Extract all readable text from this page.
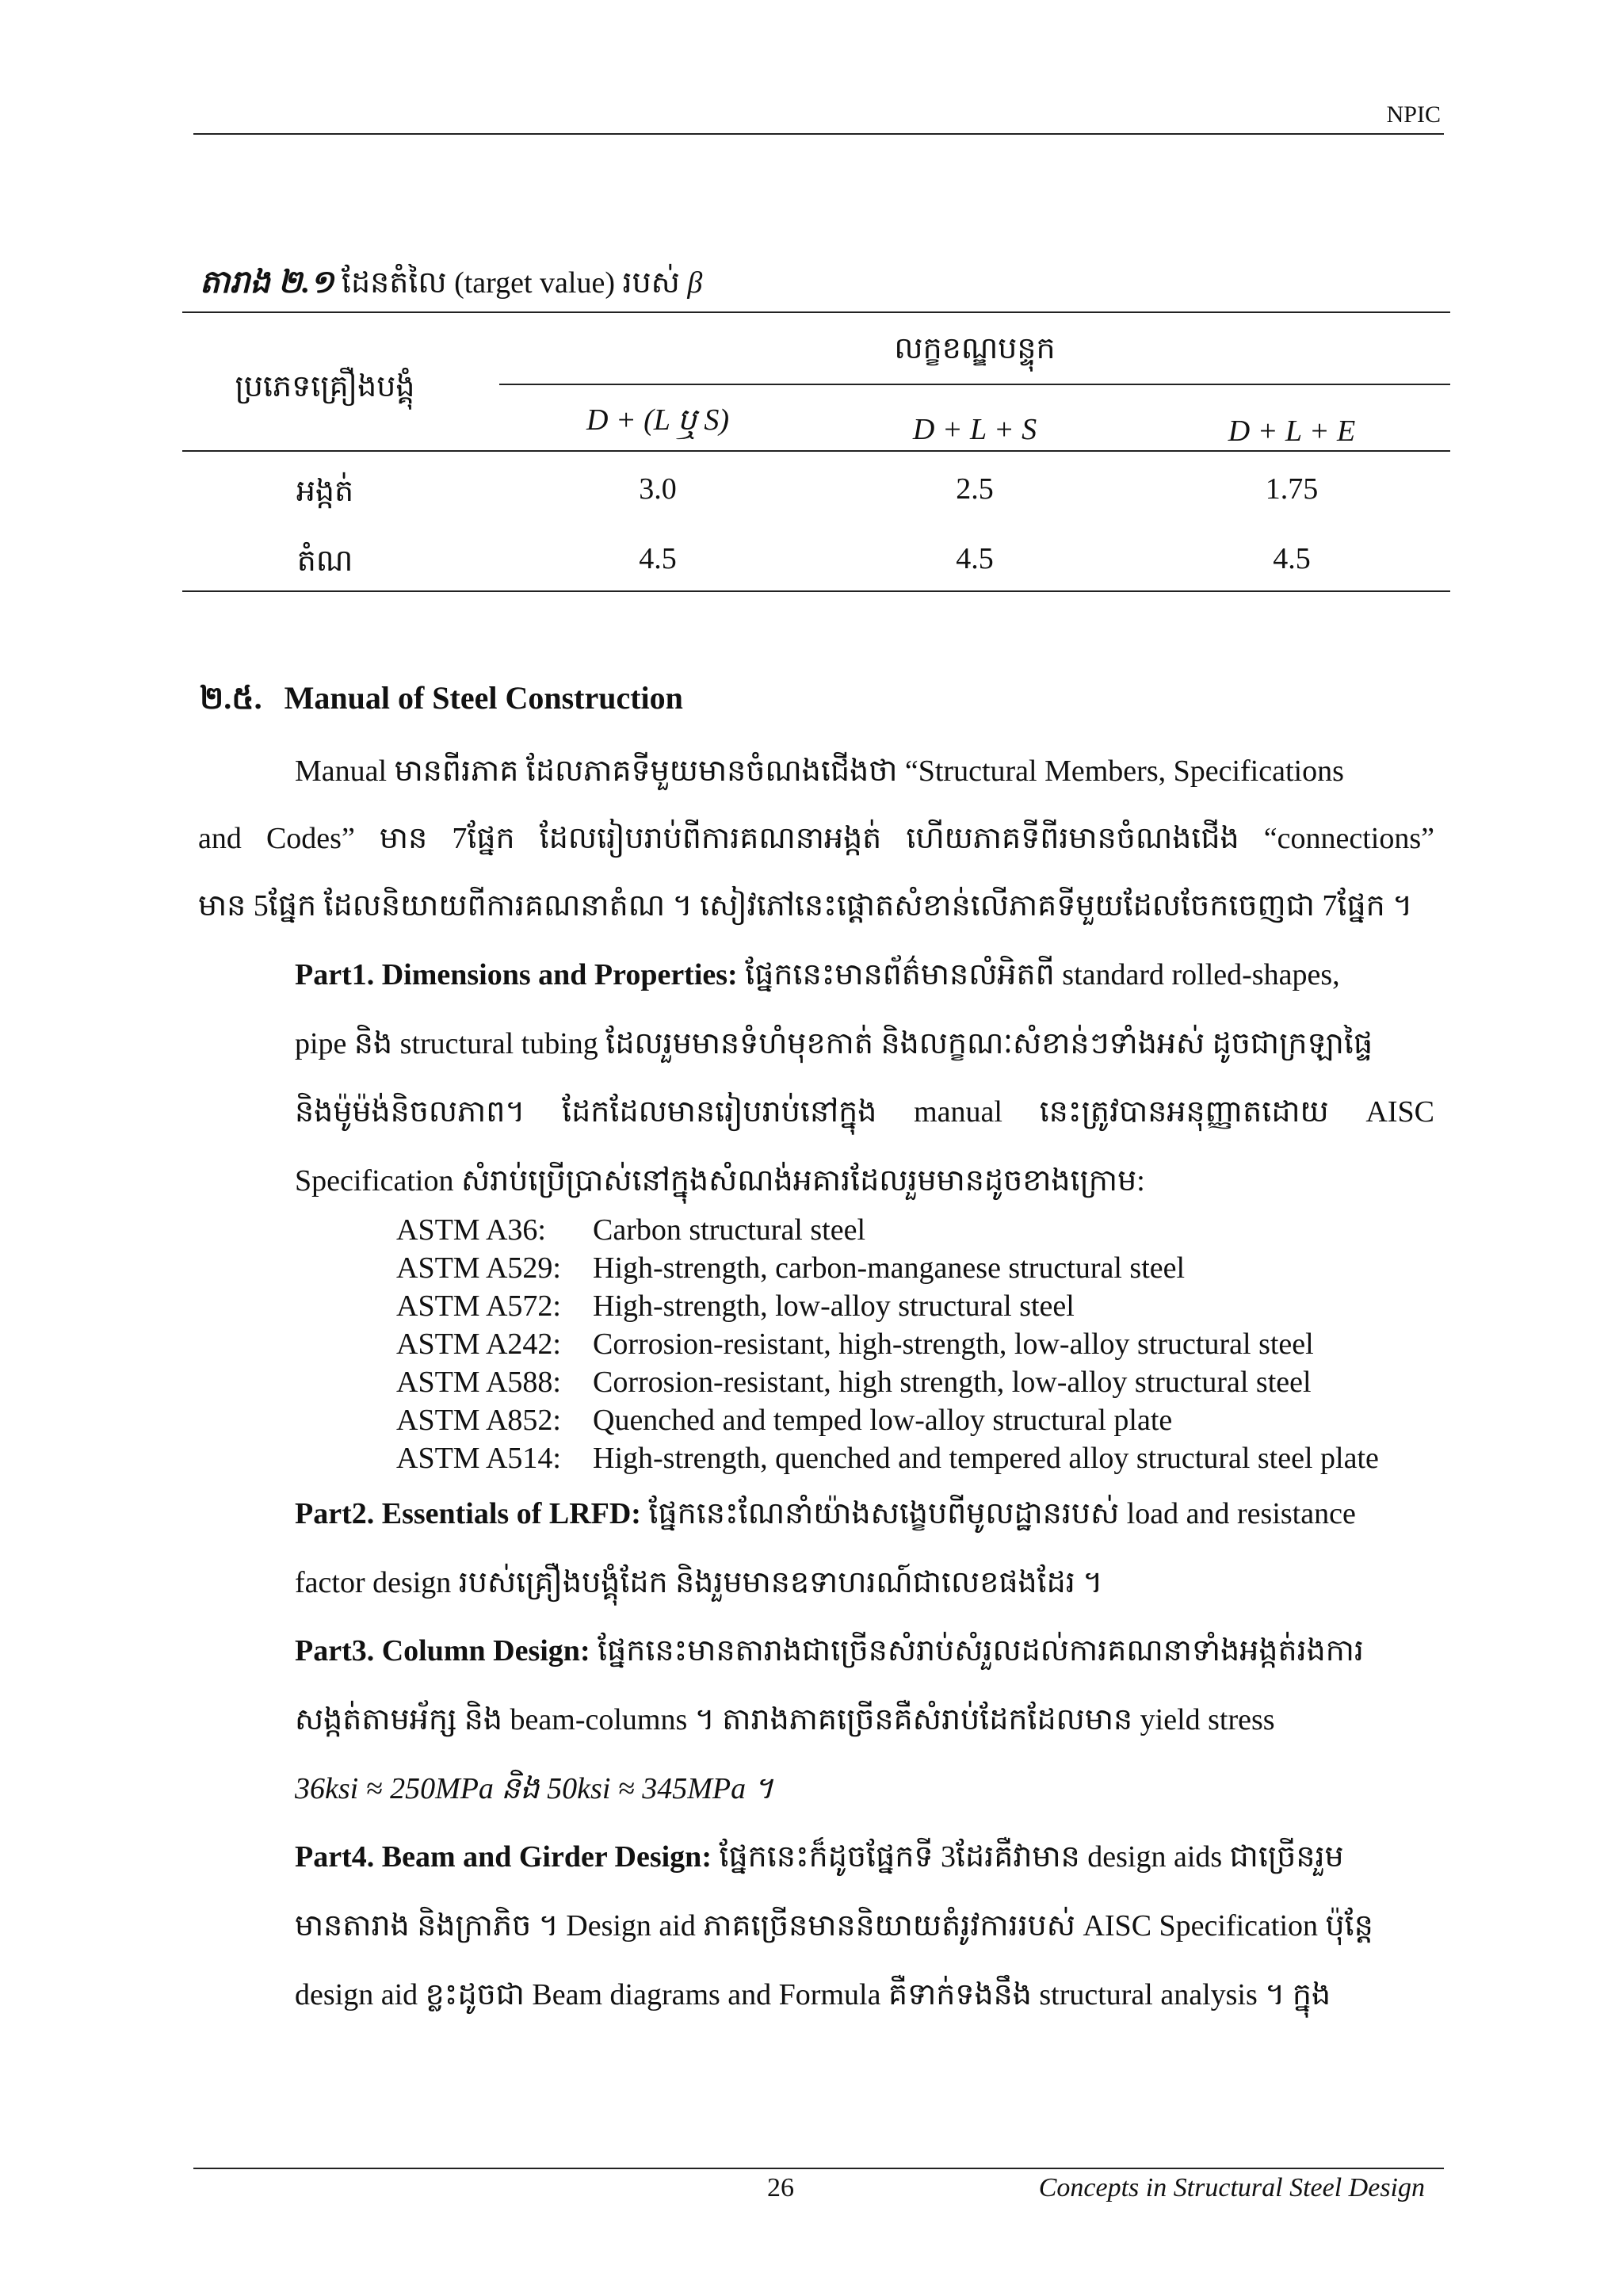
NPIC
តារាង ២.១ ដែនតំលៃ (target value) របស់ β
ប្រភេទគ្រឿងបង្គុំ
លក្ខខណ្ឌបន្ទុក
D + (L ឬ S)	D + L + S	D + L + E
អង្កត់	3.0	2.5	1.75
តំណ	4.5	4.5	4.5
២.៥. Manual of Steel Construction
Manual មានពីរភាគ ដែលភាគទីមួយមានចំណងជើងថា “Structural Members, Specifications
and Codes” មាន 7ផ្នែក ដែលរៀបរាប់ពីការគណនាអង្កត់ ហើយភាគទីពីរមានចំណងជើង “connections”
មាន 5ផ្នែក ដែលនិយាយពីការគណនាតំណ ។ សៀវភៅនេះផ្តោតសំខាន់លើភាគទីមួយដែលចែកចេញជា 7ផ្នែក ។
Part1. Dimensions and Properties: ផ្នែកនេះមានព័ត៌មានលំអិតពី standard rolled-shapes,
pipe និង structural tubing ដែលរួមមានទំហំមុខកាត់ និងលក្ខណៈសំខាន់ៗទាំងអស់ ដូចជាក្រឡាផ្ទៃ
និងម៉ូម៉ង់និចលភាព។ ដែកដែលមានរៀបរាប់នៅក្នុង manual នេះត្រូវបានអនុញ្ញាតដោយ AISC
Specification សំរាប់ប្រើប្រាស់នៅក្នុងសំណង់អគារដែលរួមមានដូចខាងក្រោម:
ASTM A36: Carbon structural steel
ASTM A529: High-strength, carbon-manganese structural steel
ASTM A572: High-strength, low-alloy structural steel
ASTM A242: Corrosion-resistant, high-strength, low-alloy structural steel
ASTM A588: Corrosion-resistant, high strength, low-alloy structural steel
ASTM A852: Quenched and temped low-alloy structural plate
ASTM A514: High-strength, quenched and tempered alloy structural steel plate
Part2. Essentials of LRFD: ផ្នែកនេះណែនាំយ៉ាងសង្ខេបពីមូលដ្ឋានរបស់ load and resistance
factor design របស់គ្រឿងបង្គុំដែក និងរួមមានឧទាហរណ៍ជាលេខផងដែរ ។
Part3. Column Design: ផ្នែកនេះមានតារាងជាច្រើនសំរាប់សំរួលដល់ការគណនាទាំងអង្កត់រងការ
សង្កត់តាមអ័ក្ស និង beam-columns ។ តារាងភាគច្រើនគឺសំរាប់ដែកដែលមាន yield stress
36ksi ≈ 250MPa និង 50ksi ≈ 345MPa ។
Part4. Beam and Girder Design: ផ្នែកនេះក៏ដូចផ្នែកទី 3ដែរគឺវាមាន design aids ជាច្រើនរួម
មានតារាង និងក្រាភិច ។ Design aid ភាគច្រើនមាននិយាយតំរូវការរបស់ AISC Specification ប៉ុន្តែ
design aid ខ្លះដូចជា Beam diagrams and Formula គឺទាក់ទងនឹង structural analysis ។ ក្នុង
26	Concepts in Structural Steel Design
